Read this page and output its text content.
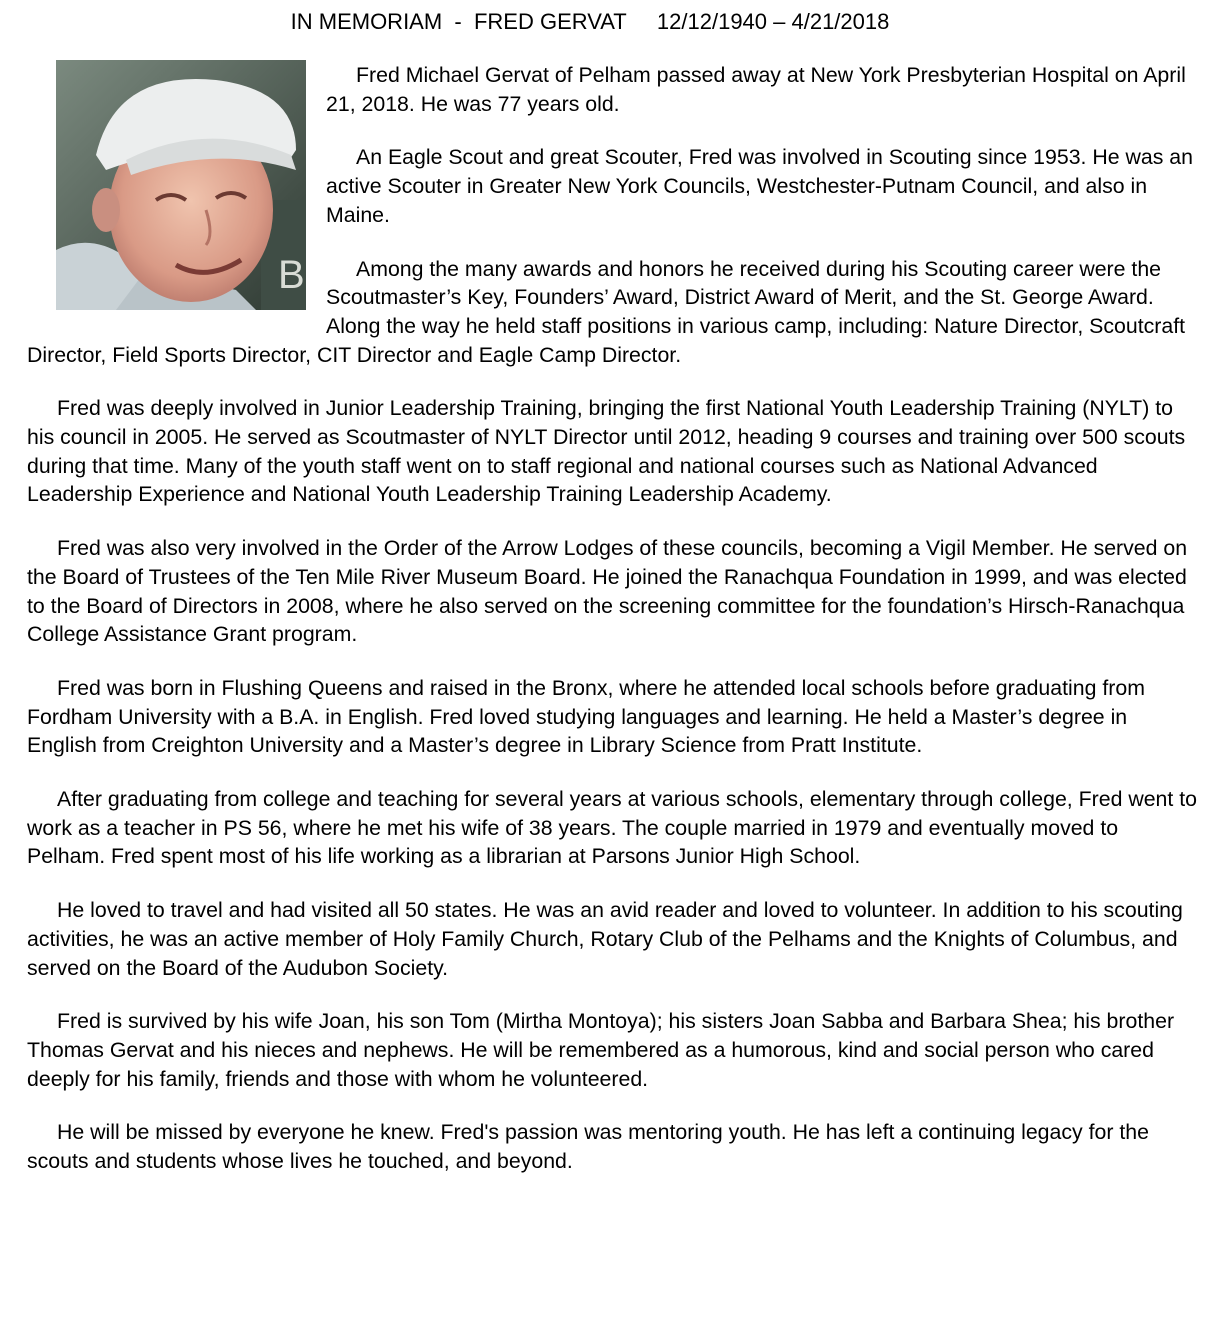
IN MEMORIAM  -  FRED GERVAT     12/12/1940 – 4/21/2018
B

Fred Michael Gervat of Pelham passed away at New York Presbyterian Hospital on April 21, 2018. He was 77 years old.

An Eagle Scout and great Scouter, Fred was involved in Scouting since 1953. He was an active Scouter in Greater New York Councils, Westchester-Putnam Council, and also in Maine.

Among the many awards and honors he received during his Scouting career were the Scoutmaster’s Key, Founders’ Award, District Award of Merit, and the St. George Award. Along the way he held staff positions in various camp, including: Nature Director, Scoutcraft Director, Field Sports Director, CIT Director and Eagle Camp Director.

Fred was deeply involved in Junior Leadership Training, bringing the first National Youth Leadership Training (NYLT) to his council in 2005. He served as Scoutmaster of NYLT Director until 2012, heading 9 courses and training over 500 scouts during that time. Many of the youth staff went on to staff regional and national courses such as National Advanced Leadership Experience and National Youth Leadership Training Leadership Academy.

Fred was also very involved in the Order of the Arrow Lodges of these councils, becoming a Vigil Member. He served on the Board of Trustees of the Ten Mile River Museum Board. He joined the Ranachqua Foundation in 1999, and was elected to the Board of Directors in 2008, where he also served on the screening committee for the foundation’s Hirsch-Ranachqua College Assistance Grant program.

Fred was born in Flushing Queens and raised in the Bronx, where he attended local schools before graduating from Fordham University with a B.A. in English. Fred loved studying languages and learning. He held a Master’s degree in English from Creighton University and a Master’s degree in Library Science from Pratt Institute.

After graduating from college and teaching for several years at various schools, elementary through college, Fred went to work as a teacher in PS 56, where he met his wife of 38 years. The couple married in 1979 and eventually moved to Pelham. Fred spent most of his life working as a librarian at Parsons Junior High School.

He loved to travel and had visited all 50 states. He was an avid reader and loved to volunteer. In addition to his scouting activities, he was an active member of Holy Family Church, Rotary Club of the Pelhams and the Knights of Columbus, and served on the Board of the Audubon Society.

Fred is survived by his wife Joan, his son Tom (Mirtha Montoya); his sisters Joan Sabba and Barbara Shea; his brother Thomas Gervat and his nieces and nephews. He will be remembered as a humorous, kind and social person who cared deeply for his family, friends and those with whom he volunteered.

He will be missed by everyone he knew. Fred's passion was mentoring youth. He has left a continuing legacy for the scouts and students whose lives he touched, and beyond.
